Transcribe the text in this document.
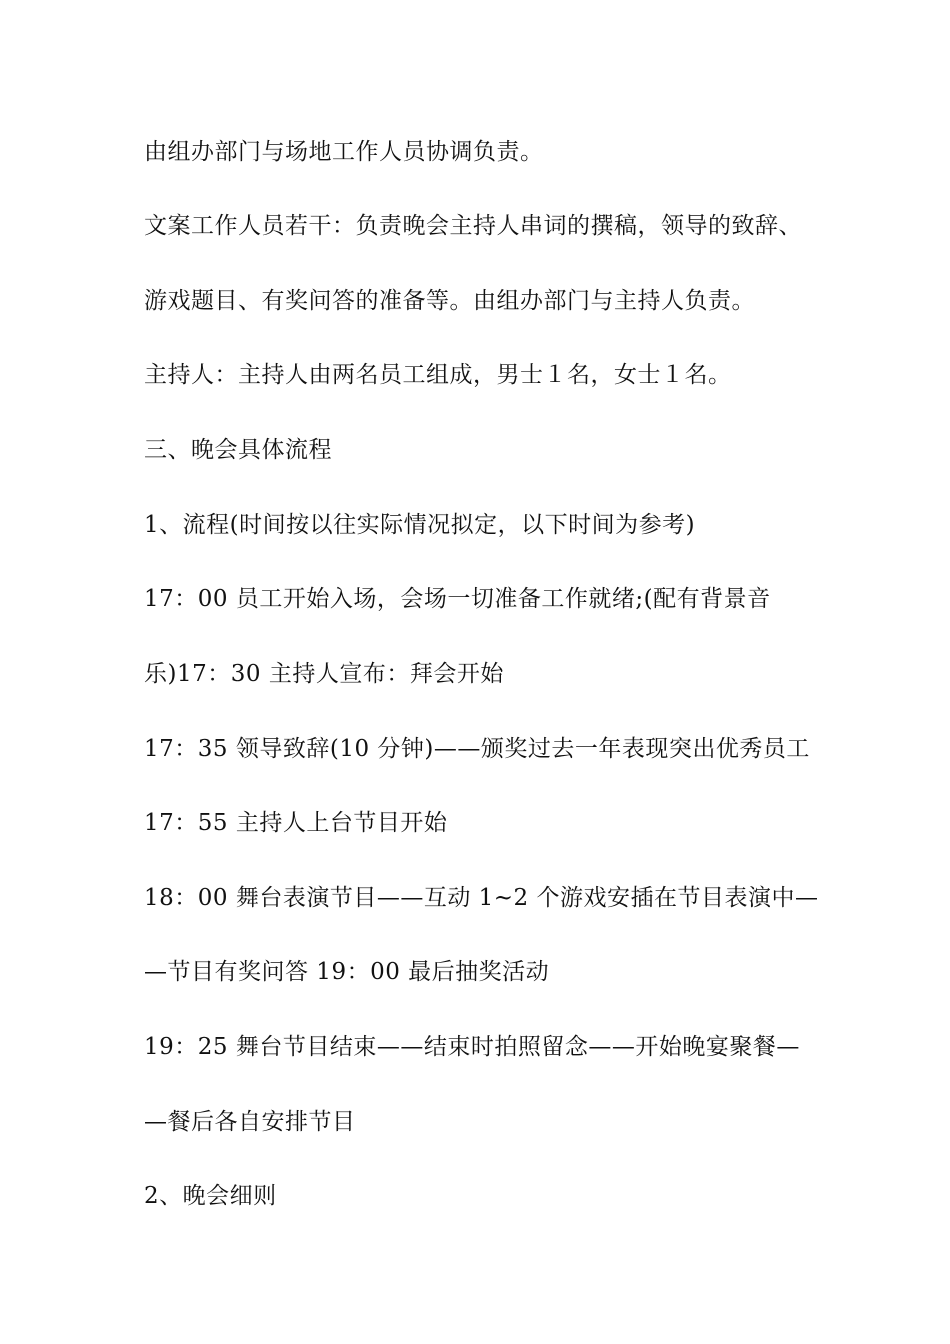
由组办部门与场地工作人员协调负责。
文案工作人员若干：负责晚会主持人串词的撰稿，领导的致辞、
游戏题目、有奖问答的准备等。由组办部门与主持人负责。
主持人：主持人由两名员工组成，男士１名，女士１名。
三、晚会具体流程
1、流程(时间按以往实际情况拟定，以下时间为参考)
17：00 员工开始入场，会场一切准备工作就绪;(配有背景音
乐)17：30 主持人宣布：拜会开始
17：35 领导致辞(10 分钟)——颁奖过去一年表现突出优秀员工
17：55 主持人上台节目开始
18：00 舞台表演节目——互动 1~2 个游戏安插在节目表演中—
—节目有奖问答 19：00 最后抽奖活动
19：25 舞台节目结束——结束时拍照留念——开始晚宴聚餐—
—餐后各自安排节目
2、晚会细则
